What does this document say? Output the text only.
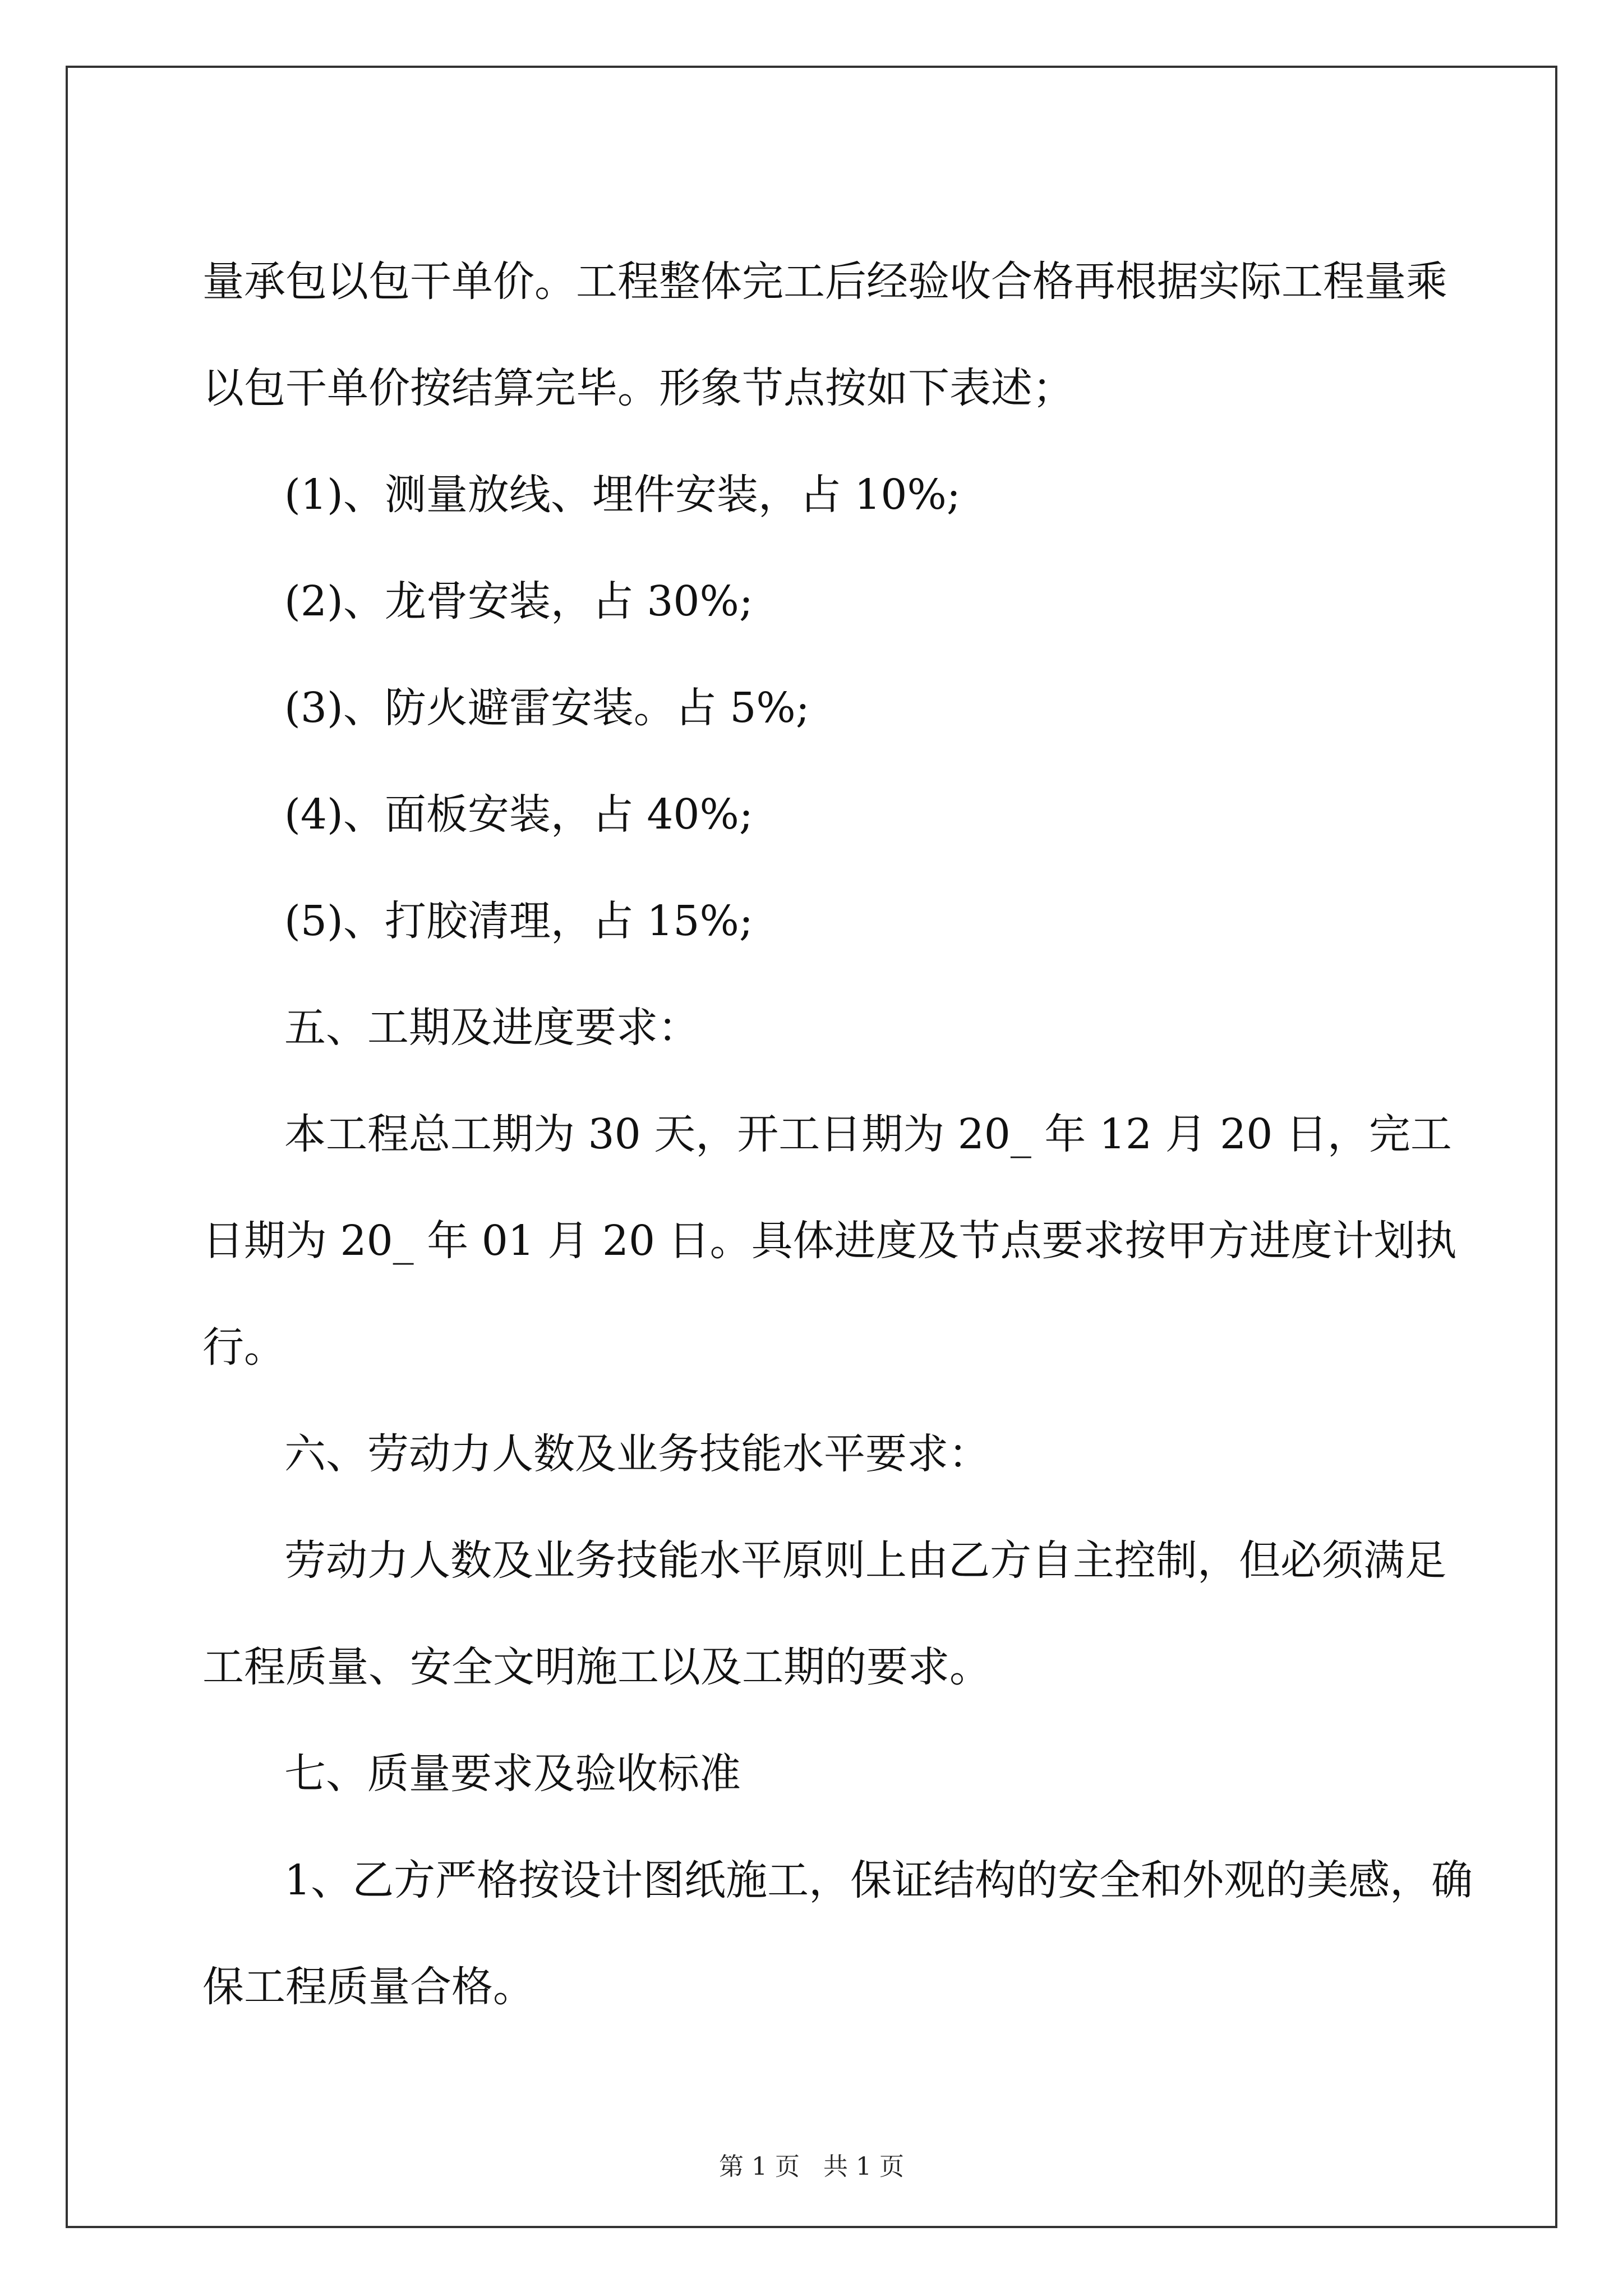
量承包以包干单价。工程整体完工后经验收合格再根据实际工程量乘
以包干单价按结算完毕。形象节点按如下表述；
(1)、测量放线、埋件安装，占 10%;
(2)、龙骨安装，占 30%;
(3)、防火避雷安装。占 5%;
(4)、面板安装，占 40%;
(5)、打胶清理，占 15%;
五、工期及进度要求：
本工程总工期为 30 天，开工日期为 20_ 年 12 月 20 日，完工
日期为 20_ 年 01 月 20 日。具体进度及节点要求按甲方进度计划执
行。
六、劳动力人数及业务技能水平要求：
劳动力人数及业务技能水平原则上由乙方自主控制，但必须满足
工程质量、安全文明施工以及工期的要求。
七、质量要求及验收标准
1、乙方严格按设计图纸施工，保证结构的安全和外观的美感，确
保工程质量合格。
第 1 页   共 1 页
